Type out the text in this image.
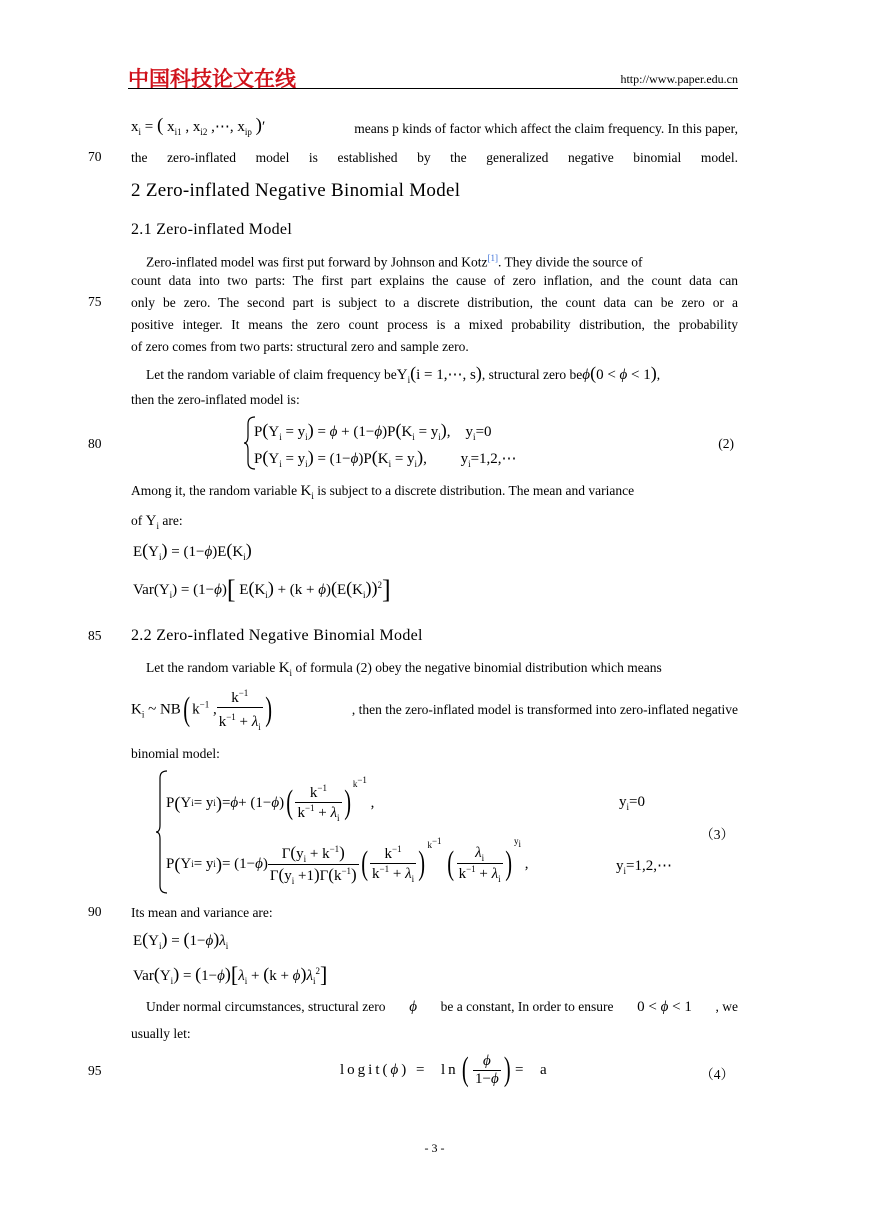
中国科技论文在线	http://www.paper.edu.cn
70
75
80
85
90
95
$x_i$ = ( $x_{i1}$ , $x_{i2}$ ,⋯, $x_{ip}$ )′	means p kinds of factor which affect the claim frequency. In this paper,
the zero-inflated model is established by the generalized negative binomial model.
2 Zero-inflated Negative Binomial Model
2.1 Zero-inflated Model
Zero-inflated model was first put forward by Johnson and Kotz[1]. They divide the source of
count data into two parts: The first part explains the cause of zero inflation, and the count data can
only be zero. The second part is subject to a discrete distribution, the count data can be zero or a
positive integer. It means the zero count process is a mixed probability distribution, the probability
of zero comes from two parts: structural zero and sample zero.
Let the random variable of claim frequency beY$_i$(i = 1,⋯, s), structural zero beϕ(0 < ϕ < 1),
then the zero-inflated model is:
$P(Y_i = y_i) = \phi + (1-\phi)P(K_i = y_i)$,    $y_i=0$
$P(Y_i = y_i) = (1-\phi)P(K_i = y_i)$,         $y_i=1,2,\cdots$
(2)
Among it, the random variable $K_i$ is subject to a discrete distribution. The mean and variance
of $Y_i$ are:
$E(Y_i) = (1-\phi)E(K_i)$
$Var(Y_i) = (1-\phi)$[ $E(K_i) + (k + \phi)(E(K_i))^2$]
2.2 Zero-inflated Negative Binomial Model
Let the random variable $K_i$ of formula (2) obey the negative binomial distribution which means
$K_i$ ~ NB( $k^{-1}$ , $\frac{k^{-1}}{k^{-1} + \lambda_i}$ )	, then the zero-inflated model is transformed into zero-inflated negative
binomial model:
P ( Y i = y i ) = ϕ + (1− ϕ ) ( $\frac{k^{-1}}{k^{-1} + \lambda_i}$ ) $^{k^{-1}}$
,	$y_i=0$
P ( Y i = y i ) = (1− ϕ ) $\frac{\Gamma(y_i + k^{-1})}{\Gamma(y_i +1)\Gamma(k^{-1})}$ ( $\frac{k^{-1}}{k^{-1} + \lambda_i}$ ) $^{k^{-1}}$

( $\frac{\lambda_i}{k^{-1} + \lambda_i}$ )
$^{y_i}$
,	$y_i=1,2,\cdots$
（3）
Its mean and variance are:
$E(Y_i) = (1-\phi)\lambda_i$
$Var(Y_i) = (1-\phi)[\lambda_i + (k + \phi)\lambda_i^2]$
Under normal circumstances, structural zero ϕ be a constant, In order to ensure 0 < ϕ < 1 , we
usually let:
logit( ϕ ) =  ln ( $\frac{\phi}{1-\phi}$ ) =  a	（4）
- 3 -
